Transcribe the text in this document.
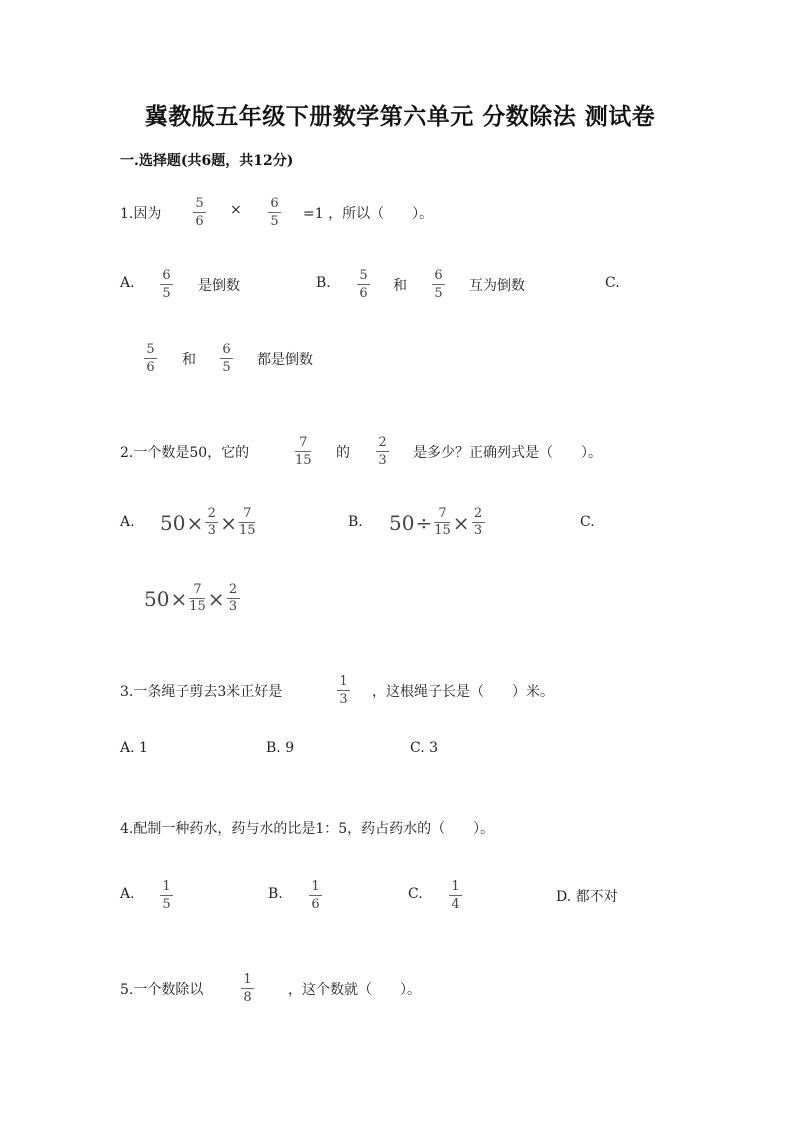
冀教版五年级下册数学第六单元 分数除法 测试卷
一.选择题(共6题，共12分)
1.因为
5
6
× 6
5 =1 ，所以（　　）。
A. 6
5 是倒数	B. 5
6 和
6
5 互为倒数	C.
5
6 和
6
5 都是倒数
2.一个数是50，它的
7
15 的
2
3 是多少？正确列式是（　　）。
A. $50 \times \frac{2}{3} \times \frac{7}{15}$	B. $50 \div \frac{7}{15} \times \frac{2}{3}$	C.
$50 \times \frac{7}{15} \times \frac{2}{3}$
3.一条绳子剪去3米正好是
1
3 ，这根绳子长是（　　）米。
A. 1	B. 9	C. 3
4.配制一种药水，药与水的比是1：5，药占药水的（　　）。
A. 1
5
B. 1
6
C. 1
4	D. 都不对
5.一个数除以
1
8	，这个数就（　　）。
